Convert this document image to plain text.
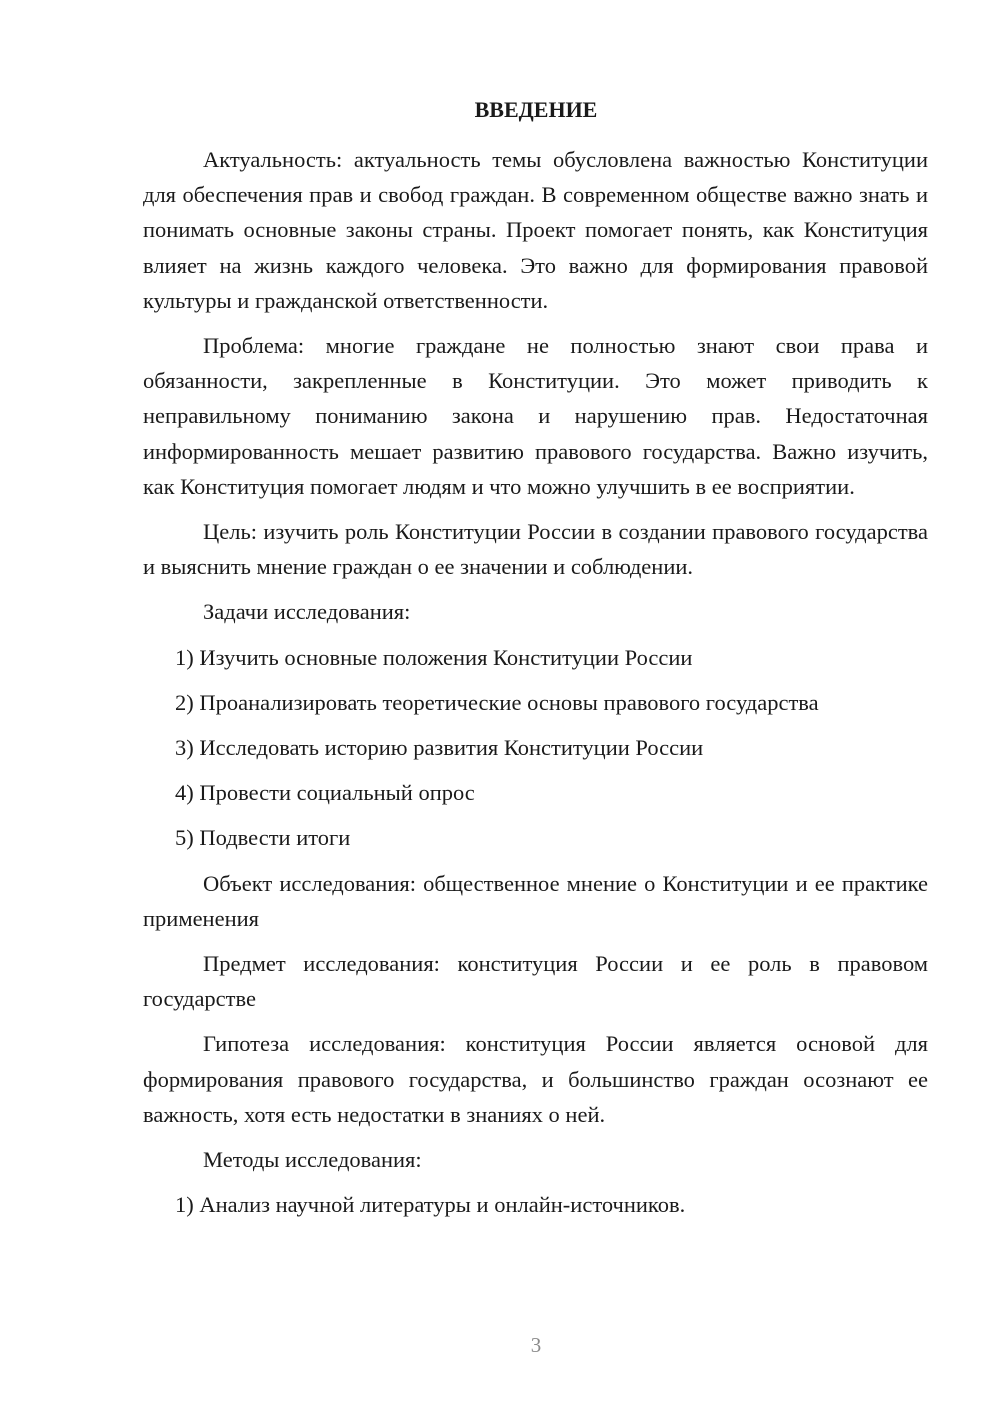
ВВЕДЕНИЕ

Актуальность: актуальность темы обусловлена важностью Конституции для обеспечения прав и свобод граждан. В современном обществе важно знать и понимать основные законы страны. Проект помогает понять, как Конституция влияет на жизнь каждого человека. Это важно для формирования правовой культуры и гражданской ответственности.

Проблема: многие граждане не полностью знают свои права и обязанности, закрепленные в Конституции. Это может приводить к неправильному пониманию закона и нарушению прав. Недостаточная информированность мешает развитию правового государства. Важно изучить, как Конституция помогает людям и что можно улучшить в ее восприятии.

Цель: изучить роль Конституции России в создании правового государства и выяснить мнение граждан о ее значении и соблюдении.

Задачи исследования:

1) Изучить основные положения Конституции России

2) Проанализировать теоретические основы правового государства

3) Исследовать историю развития Конституции России

4) Провести социальный опрос

5) Подвести итоги

Объект исследования: общественное мнение о Конституции и ее практике применения

Предмет исследования: конституция России и ее роль в правовом государстве

Гипотеза исследования: конституция России является основой для формирования правового государства, и большинство граждан осознают ее важность, хотя есть недостатки в знаниях о ней.

Методы исследования:

1) Анализ научной литературы и онлайн-источников.

3
